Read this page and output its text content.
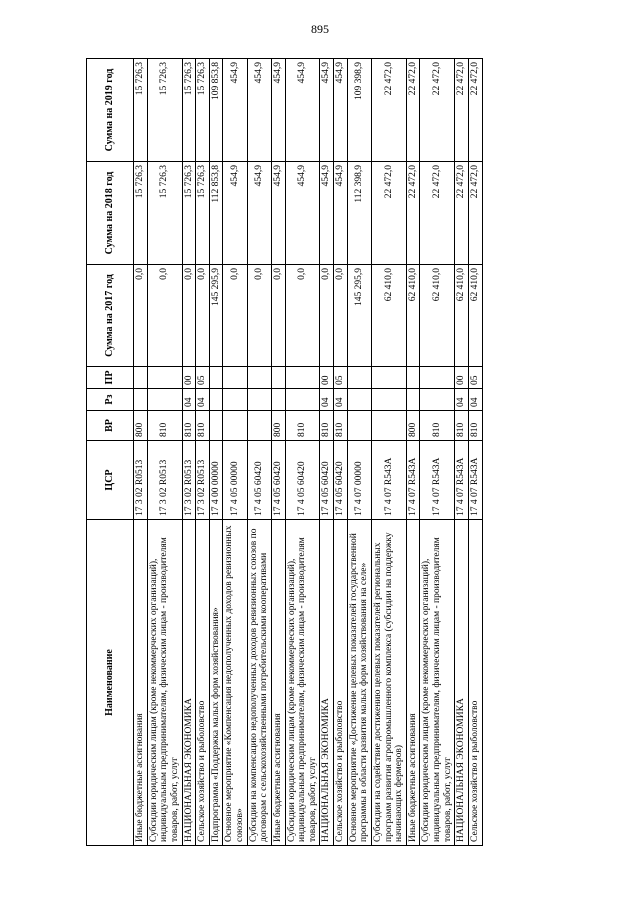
895
Наименование	ЦСР	ВР	Рз	ПР	Сумма на 2017 год	Сумма на 2018 год	Сумма на 2019 год
Иные бюджетные ассигнования	17 3 02 R0513	800			0,0	15 726,3	15 726,3
Субсидии юридическим лицам (кроме некоммерческих организаций), индивидуальным предпринимателям, физическим лицам - производителям товаров, работ, услуг	17 3 02 R0513	810			0,0	15 726,3	15 726,3
НАЦИОНАЛЬНАЯ ЭКОНОМИКА	17 3 02 R0513	810	04	00	0,0	15 726,3	15 726,3
Сельское хозяйство и рыболовство	17 3 02 R0513	810	04	05	0,0	15 726,3	15 726,3
Подпрограмма «Поддержка малых форм хозяйствования»	17 4 00 00000				145 295,9	112 853,8	109 853,8
Основное мероприятие «Компенсация недополученных доходов ревизионных союзов»	17 4 05 00000				0,0	454,9	454,9
Субсидии на компенсацию недополученных доходов ревизионных союзов по договорам с сельскохозяйственными потребительскими кооперативами	17 4 05 60420				0,0	454,9	454,9
Иные бюджетные ассигнования	17 4 05 60420	800			0,0	454,9	454,9
Субсидии юридическим лицам (кроме некоммерческих организаций), индивидуальным предпринимателям, физическим лицам - производителям товаров, работ, услуг	17 4 05 60420	810			0,0	454,9	454,9
НАЦИОНАЛЬНАЯ ЭКОНОМИКА	17 4 05 60420	810	04	00	0,0	454,9	454,9
Сельское хозяйство и рыболовство	17 4 05 60420	810	04	05	0,0	454,9	454,9
Основное мероприятие «Достижение целевых показателей государственной программы в области развития малых форм хозяйствования на селе»	17 4 07 00000				145 295,9	112 398,9	109 398,9
Субсидии на содействие достижению целевых показателей региональных программ развития агропромышленного комплекса (субсидии на поддержку начинающих фермеров)	17 4 07 R543A				62 410,0	22 472,0	22 472,0
Иные бюджетные ассигнования	17 4 07 R543A	800			62 410,0	22 472,0	22 472,0
Субсидии юридическим лицам (кроме некоммерческих организаций), индивидуальным предпринимателям, физическим лицам - производителям товаров, работ, услуг	17 4 07 R543A	810			62 410,0	22 472,0	22 472,0
НАЦИОНАЛЬНАЯ ЭКОНОМИКА	17 4 07 R543A	810	04	00	62 410,0	22 472,0	22 472,0
Сельское хозяйство и рыболовство	17 4 07 R543A	810	04	05	62 410,0	22 472,0	22 472,0
